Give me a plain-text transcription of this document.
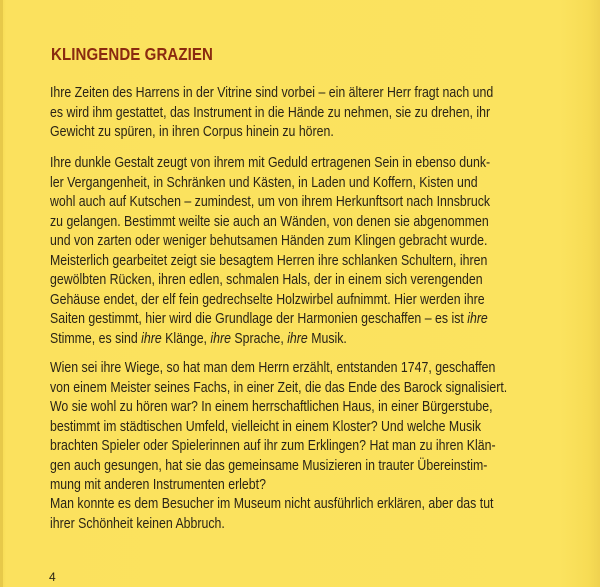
KLINGENDE GRAZIEN
Ihre Zeiten des Harrens in der Vitrine sind vorbei – ein älterer Herr fragt nach und
es wird ihm gestattet, das Instrument in die Hände zu nehmen, sie zu drehen, ihr
Gewicht zu spüren, in ihren Corpus hinein zu hören.
Ihre dunkle Gestalt zeugt von ihrem mit Geduld ertragenen Sein in ebenso dunk-
ler Vergangenheit, in Schränken und Kästen, in Laden und Koffern, Kisten und
wohl auch auf Kutschen – zumindest, um von ihrem Herkunftsort nach Innsbruck
zu gelangen. Bestimmt weilte sie auch an Wänden, von denen sie abgenommen
und von zarten oder weniger behutsamen Händen zum Klingen gebracht wurde.
Meisterlich gearbeitet zeigt sie besagtem Herren ihre schlanken Schultern, ihren
gewölbten Rücken, ihren edlen, schmalen Hals, der in einem sich verengenden
Gehäuse endet, der elf fein gedrechselte Holzwirbel aufnimmt. Hier werden ihre
Saiten gestimmt, hier wird die Grundlage der Harmonien geschaffen – es ist ihre
Stimme, es sind ihre Klänge, ihre Sprache, ihre Musik.
Wien sei ihre Wiege, so hat man dem Herrn erzählt, entstanden 1747, geschaffen
von einem Meister seines Fachs, in einer Zeit, die das Ende des Barock signalisiert.
Wo sie wohl zu hören war? In einem herrschaftlichen Haus, in einer Bürgerstube,
bestimmt im städtischen Umfeld, vielleicht in einem Kloster? Und welche Musik
brachten Spieler oder Spielerinnen auf ihr zum Erklingen? Hat man zu ihren Klän-
gen auch gesungen, hat sie das gemeinsame Musizieren in trauter Übereinstim-
mung mit anderen Instrumenten erlebt?
Man konnte es dem Besucher im Museum nicht ausführlich erklären, aber das tut
ihrer Schönheit keinen Abbruch.
4
